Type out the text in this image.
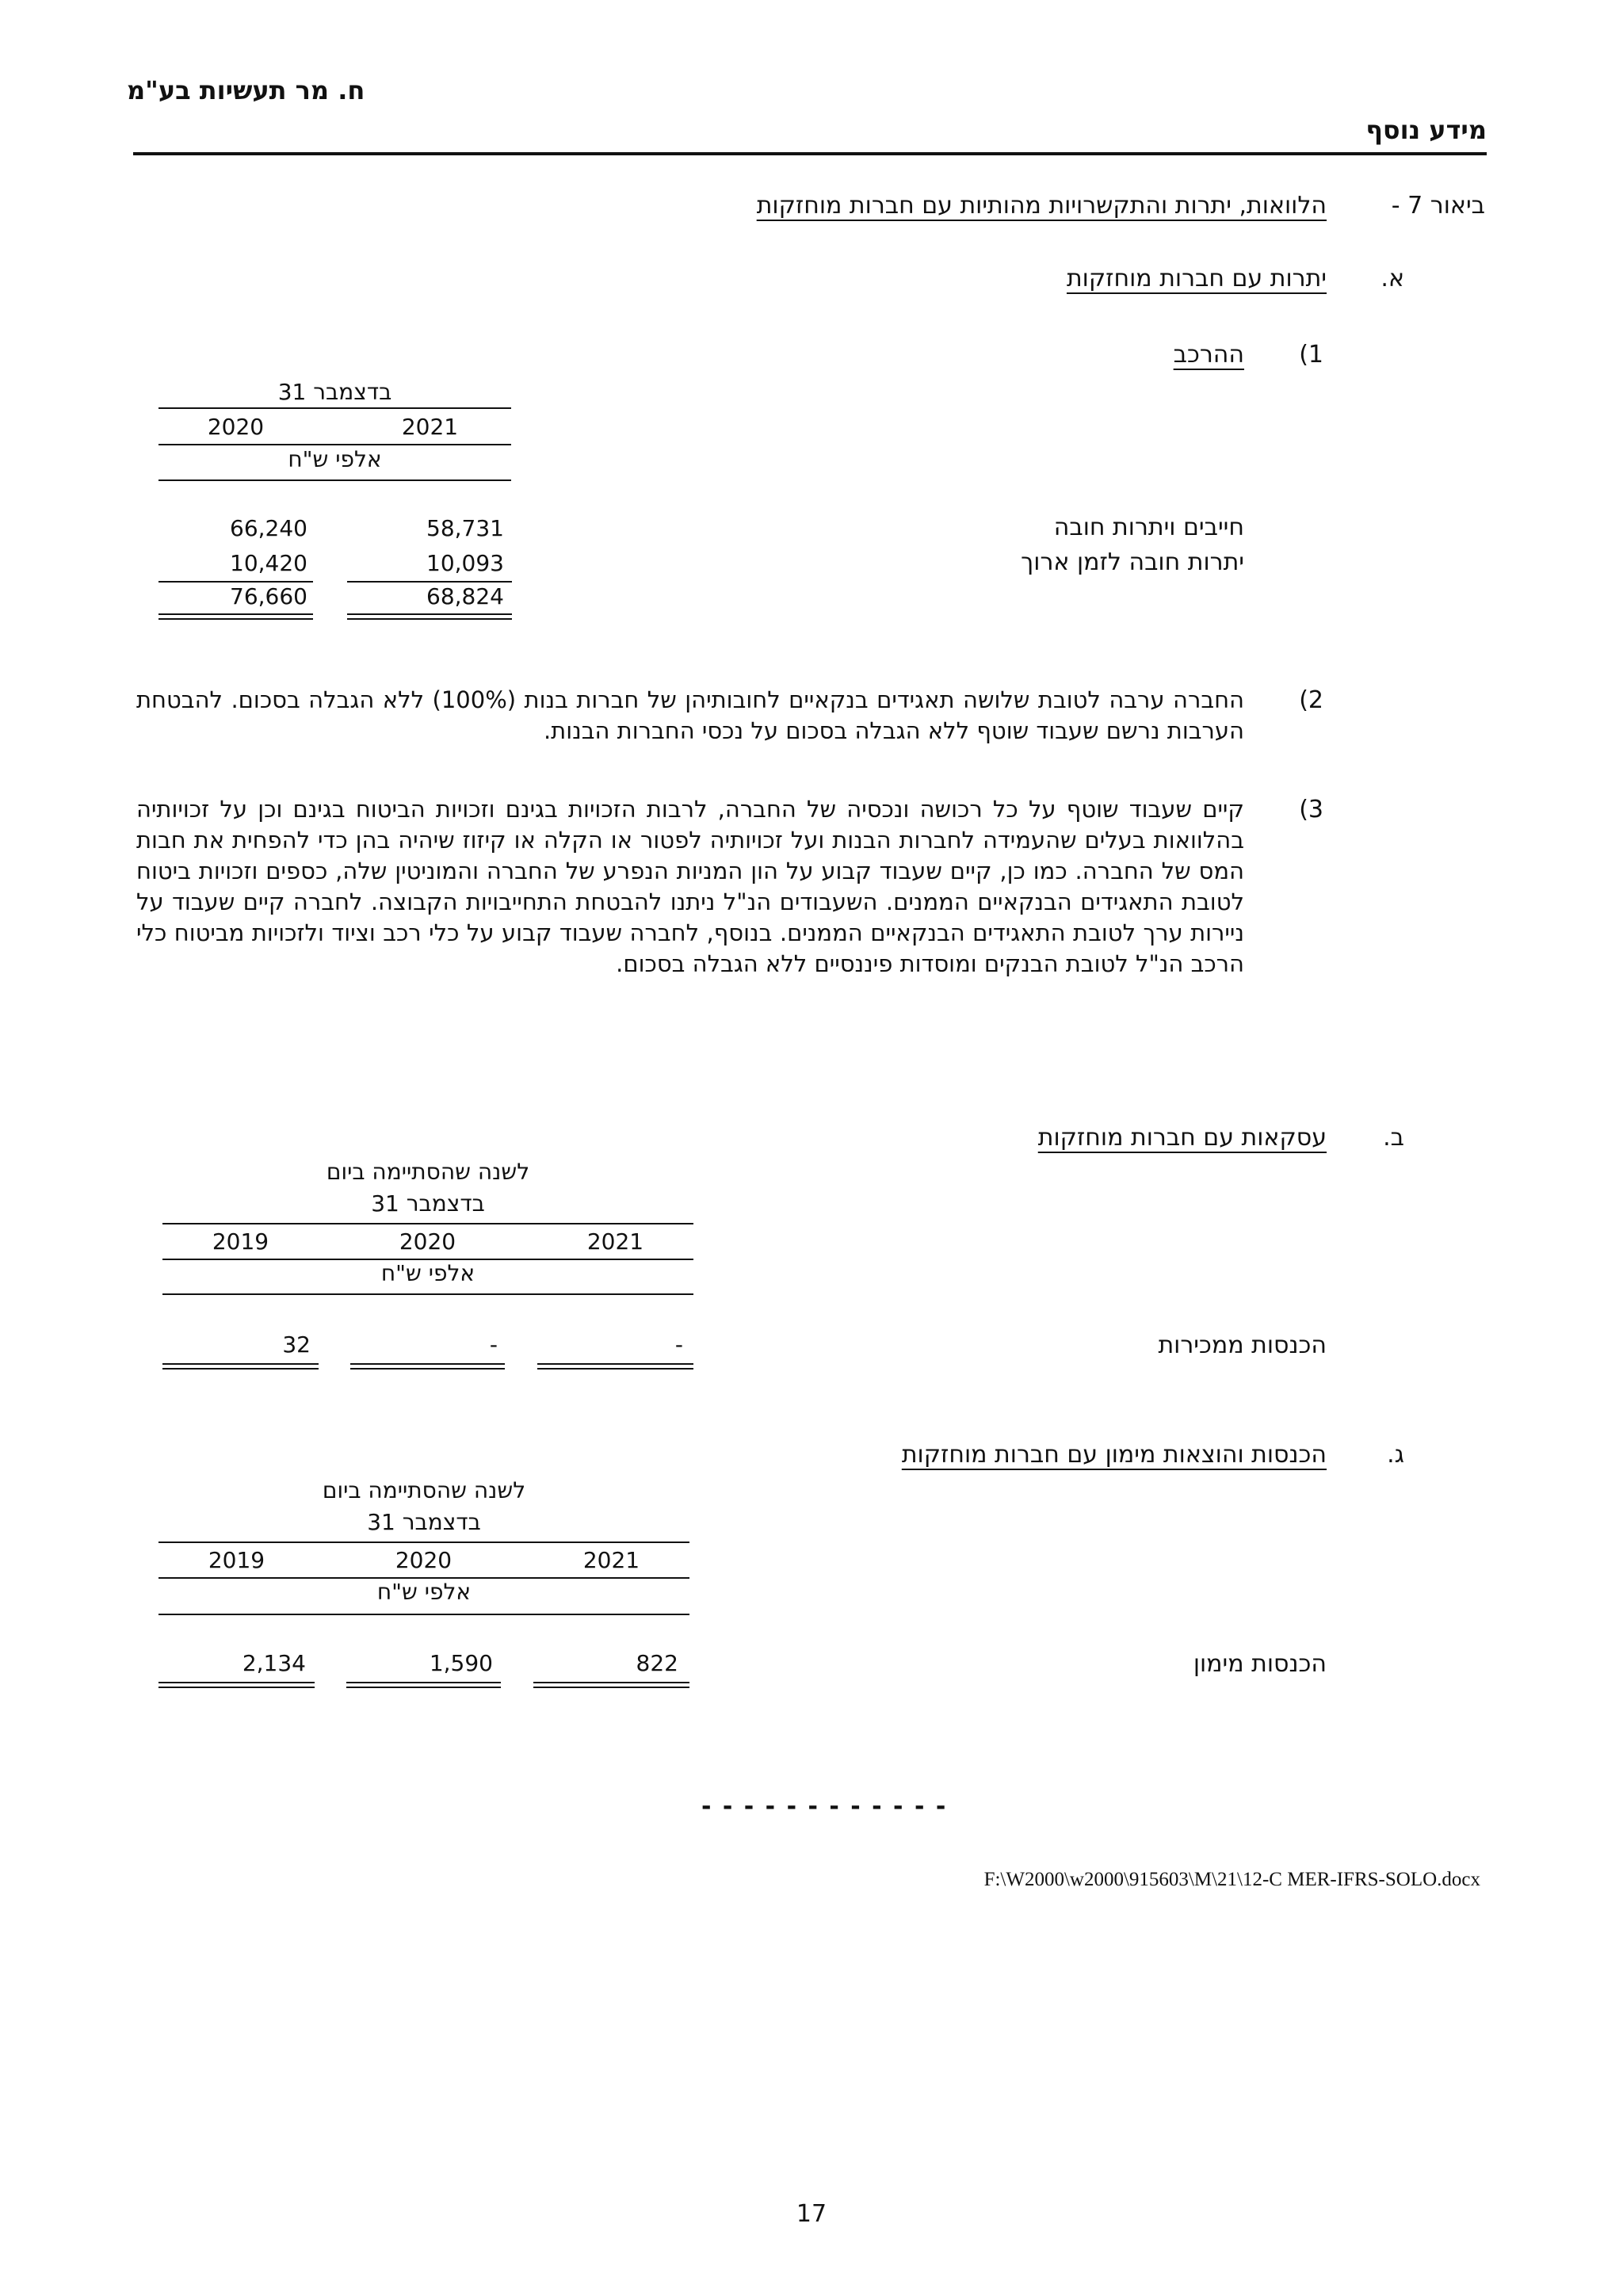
ח. מר תעשיות בע"מ
מידע נוסף
ביאור 7 -
הלוואות, יתרות והתקשרויות מהותיות עם חברות מוחזקות
א.
יתרות עם חברות מוחזקות
1)
ההרכב
31 בדצמבר
2021
2020
אלפי ש"ח
חייבים ויתרות חובה
58,731
66,240
יתרות חובה לזמן ארוך
10,093
10,420
68,824
76,660
2)
החברה ערבה לטובת שלושה תאגידים בנקאיים לחובותיהן של חברות בנות (100%) ללא הגבלה בסכום. להבטחת הערבות נרשם שעבוד שוטף ללא הגבלה בסכום על נכסי החברות הבנות.
3)
קיים שעבוד שוטף על כל רכושה ונכסיה של החברה, לרבות הזכויות בגינם וזכויות הביטוח בגינם וכן על זכויותיה בהלוואות בעלים שהעמידה לחברות הבנות ועל זכויותיה לפטור או הקלה או קיזוז שיהיה בהן כדי להפחית את חבות המס של החברה. כמו כן, קיים שעבוד קבוע על הון המניות הנפרע של החברה והמוניטין שלה, כספים וזכויות ביטוח לטובת התאגידים הבנקאיים הממנים. השעבודים הנ"ל ניתנו להבטחת התחייבויות הקבוצה. לחברה קיים שעבוד על ניירות ערך לטובת התאגידים הבנקאיים הממנים. בנוסף, לחברה שעבוד קבוע על כלי רכב וציוד ולזכויות מביטוח כלי הרכב הנ"ל לטובת הבנקים ומוסדות פיננסיים ללא הגבלה בסכום.
ב.
עסקאות עם חברות מוחזקות
לשנה שהסתיימה ביום
31 בדצמבר
2021
2020
2019
אלפי ש"ח
הכנסות ממכירות
-
-
32
ג.
הכנסות והוצאות מימון עם חברות מוחזקות
לשנה שהסתיימה ביום
31 בדצמבר
2021
2020
2019
אלפי ש"ח
הכנסות מימון
822
1,590
2,134
- - - - - - - - - - - -
F:\W2000\w2000\915603\M\21\12-C MER-IFRS-SOLO.docx
17
